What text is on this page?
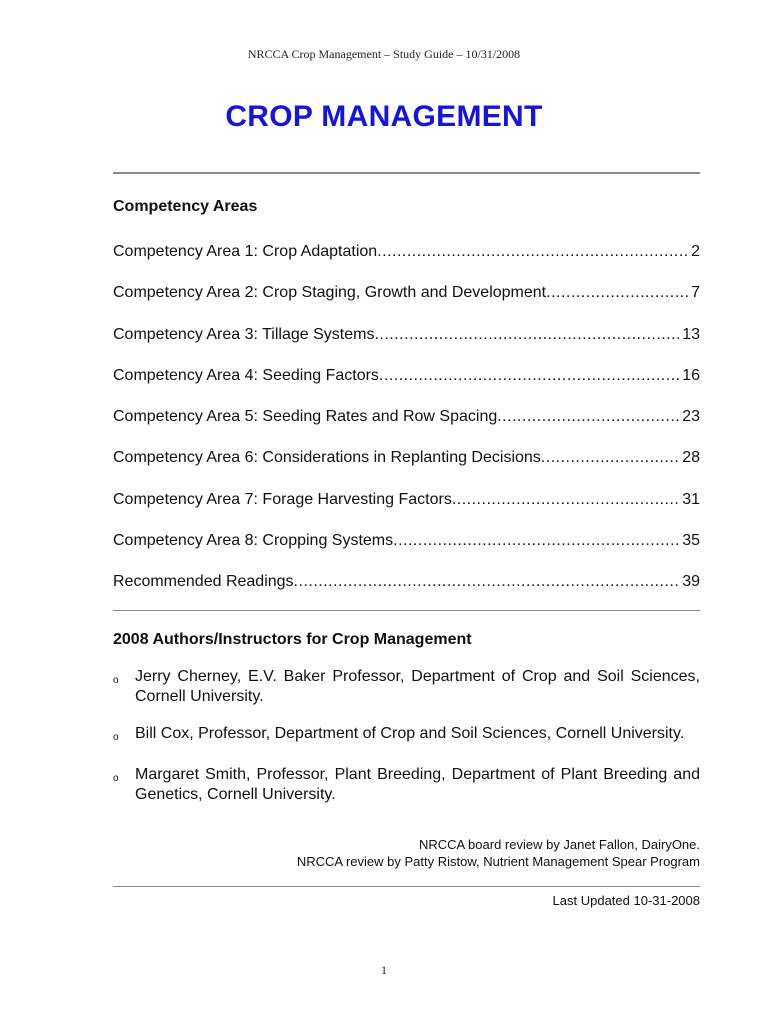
NRCCA Crop Management – Study Guide – 10/31/2008
CROP MANAGEMENT
Competency Areas
Competency Area 1: Crop Adaptation .....	2
Competency Area 2: Crop Staging, Growth and Development .....	7
Competency Area 3: Tillage Systems .....	13
Competency Area 4: Seeding Factors .....	16
Competency Area 5: Seeding Rates and Row Spacing .....	23
Competency Area 6: Considerations in Replanting Decisions .....	28
Competency Area 7: Forage Harvesting Factors .....	31
Competency Area 8: Cropping Systems .....	35
Recommended Readings .....	39
2008 Authors/Instructors for Crop Management
o	Jerry Cherney, E.V. Baker Professor, Department of Crop and Soil Sciences, Cornell University.
o	Bill Cox, Professor, Department of Crop and Soil Sciences, Cornell University.
o	Margaret Smith, Professor, Plant Breeding, Department of Plant Breeding and Genetics, Cornell University.
NRCCA board review by Janet Fallon, DairyOne.
NRCCA review by Patty Ristow, Nutrient Management Spear Program
Last Updated 10-31-2008
1
